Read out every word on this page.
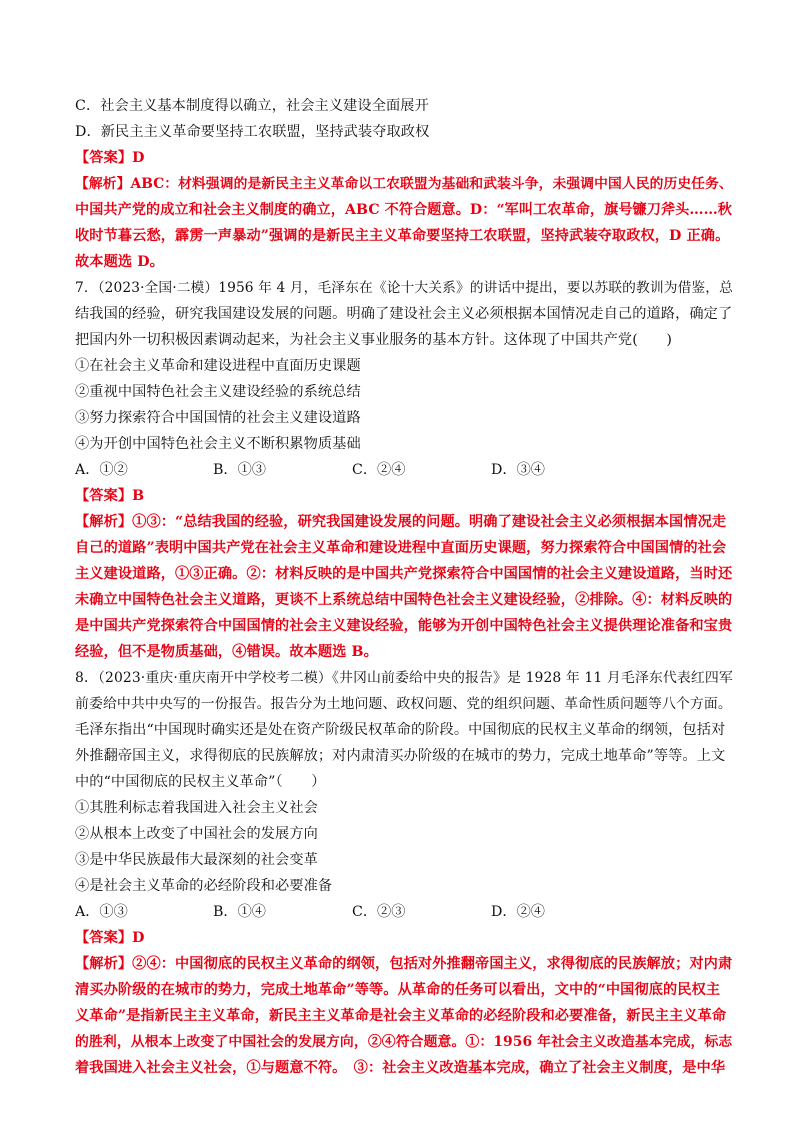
C．社会主义基本制度得以确立，社会主义建设全面展开
D．新民主主义革命要坚持工农联盟，坚持武装夺取政权
【答案】D
【解析】ABC：材料强调的是新民主主义革命以工农联盟为基础和武装斗争，未强调中国人民的历史任务、
中国共产党的成立和社会主义制度的确立，ABC 不符合题意。D：“军叫工农革命，旗号镰刀斧头……秋
收时节暮云愁，霹雳一声暴动”强调的是新民主主义革命要坚持工农联盟，坚持武装夺取政权，D 正确。
故本题选 D。
7．（2023·全国·二模）1956 年 4 月，毛泽东在《论十大关系》的讲话中提出，要以苏联的教训为借鉴，总
结我国的经验，研究我国建设发展的问题。明确了建设社会主义必须根据本国情况走自己的道路，确定了
把国内外一切积极因素调动起来，为社会主义事业服务的基本方针。这体现了中国共产党(　　)
①在社会主义革命和建设进程中直面历史课题
②重视中国特色社会主义建设经验的系统总结
③努力探索符合中国国情的社会主义建设道路
④为开创中国特色社会主义不断积累物质基础
A．①②	B．①③	C．②④	D．③④
【答案】B
【解析】①③：“总结我国的经验，研究我国建设发展的问题。明确了建设社会主义必须根据本国情况走
自己的道路”表明中国共产党在社会主义革命和建设进程中直面历史课题，努力探索符合中国国情的社会
主义建设道路，①③正确。②：材料反映的是中国共产党探索符合中国国情的社会主义建设道路，当时还
未确立中国特色社会主义道路，更谈不上系统总结中国特色社会主义建设经验，②排除。④：材料反映的
是中国共产党探索符合中国国情的社会主义建设经验，能够为开创中国特色社会主义提供理论准备和宝贵
经验，但不是物质基础，④错误。故本题选 B。
8．（2023·重庆·重庆南开中学校考二模）《井冈山前委给中央的报告》是 1928 年 11 月毛泽东代表红四军
前委给中共中央写的一份报告。报告分为土地问题、政权问题、党的组织问题、革命性质问题等八个方面。
毛泽东指出“中国现时确实还是处在资产阶级民权革命的阶段。中国彻底的民权主义革命的纲领，包括对
外推翻帝国主义，求得彻底的民族解放；对内肃清买办阶级的在城市的势力，完成土地革命”等等。上文
中的“中国彻底的民权主义革命”（　　）
①其胜利标志着我国进入社会主义社会
②从根本上改变了中国社会的发展方向
③是中华民族最伟大最深刻的社会变革
④是社会主义革命的必经阶段和必要准备
A．①③	B．①④	C．②③	D．②④
【答案】D
【解析】②④：中国彻底的民权主义革命的纲领，包括对外推翻帝国主义，求得彻底的民族解放；对内肃
清买办阶级的在城市的势力，完成土地革命”等等。从革命的任务可以看出，文中的“中国彻底的民权主
义革命”是指新民主主义革命，新民主主义革命是社会主义革命的必经阶段和必要准备，新民主主义革命
的胜利，从根本上改变了中国社会的发展方向，②④符合题意。①：1956 年社会主义改造基本完成，标志
着我国进入社会主义社会，①与题意不符。　③：社会主义改造基本完成，确立了社会主义制度，是中华
